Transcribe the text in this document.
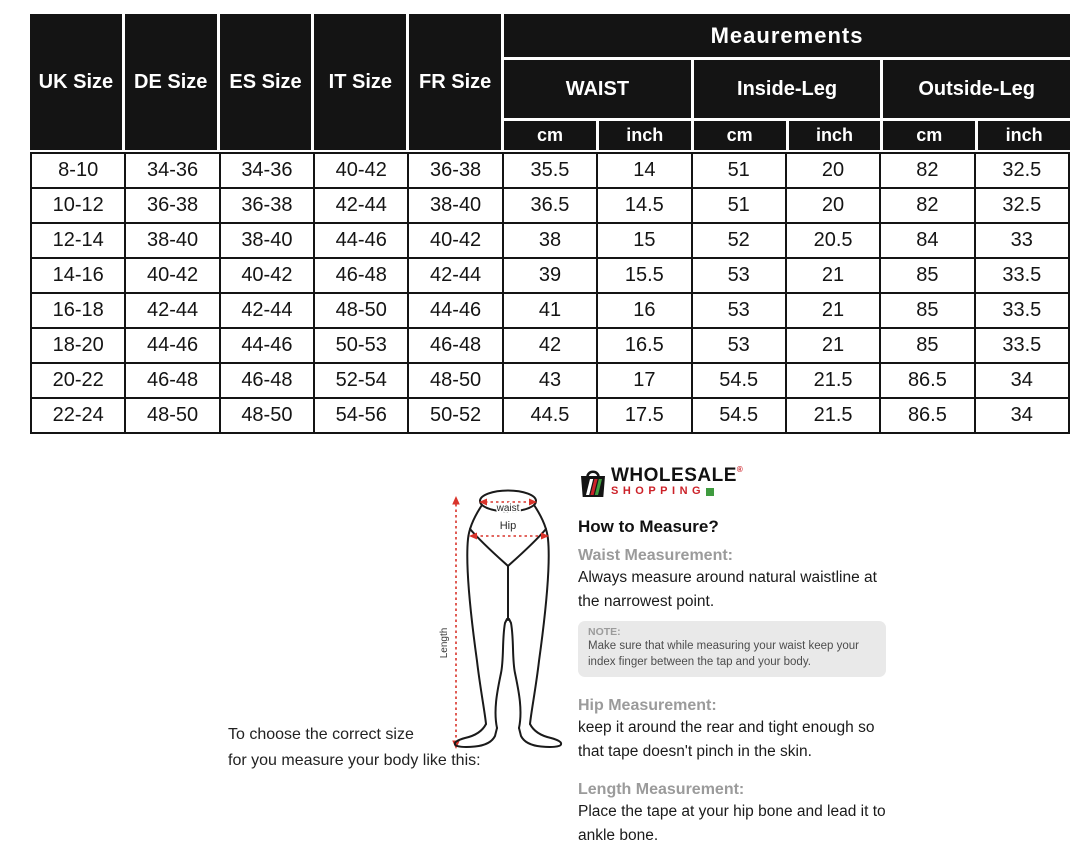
UK Size	DE Size	ES Size	IT Size	FR Size
Meaurements
WAIST	Inside-Leg	Outside-Leg
cm	inch	cm	inch	cm	inch
8-10	34-36	34-36	40-42	36-38	35.5	14	51	20	82	32.5
10-12	36-38	36-38	42-44	38-40	36.5	14.5	51	20	82	32.5
12-14	38-40	38-40	44-46	40-42	38	15	52	20.5	84	33
14-16	40-42	40-42	46-48	42-44	39	15.5	53	21	85	33.5
16-18	42-44	42-44	48-50	44-46	41	16	53	21	85	33.5
18-20	44-46	44-46	50-53	46-48	42	16.5	53	21	85	33.5
20-22	46-48	46-48	52-54	48-50	43	17	54.5	21.5	86.5	34
22-24	48-50	48-50	54-56	50-52	44.5	17.5	54.5	21.5	86.5	34
Length
waist
Hip
WHOLESALE®
SHOPPING
How to Measure?
Waist Measurement:
Always measure around natural waistline at the narrowest point.
NOTE:
Make sure that while measuring your waist keep your index finger between the tap and your body.
Hip Measurement:
keep it around the rear and tight enough so that tape doesn't pinch in the skin.
Length Measurement:
Place the tape at your hip bone and lead it to ankle bone.
To choose the correct size
for you measure your body like this:
